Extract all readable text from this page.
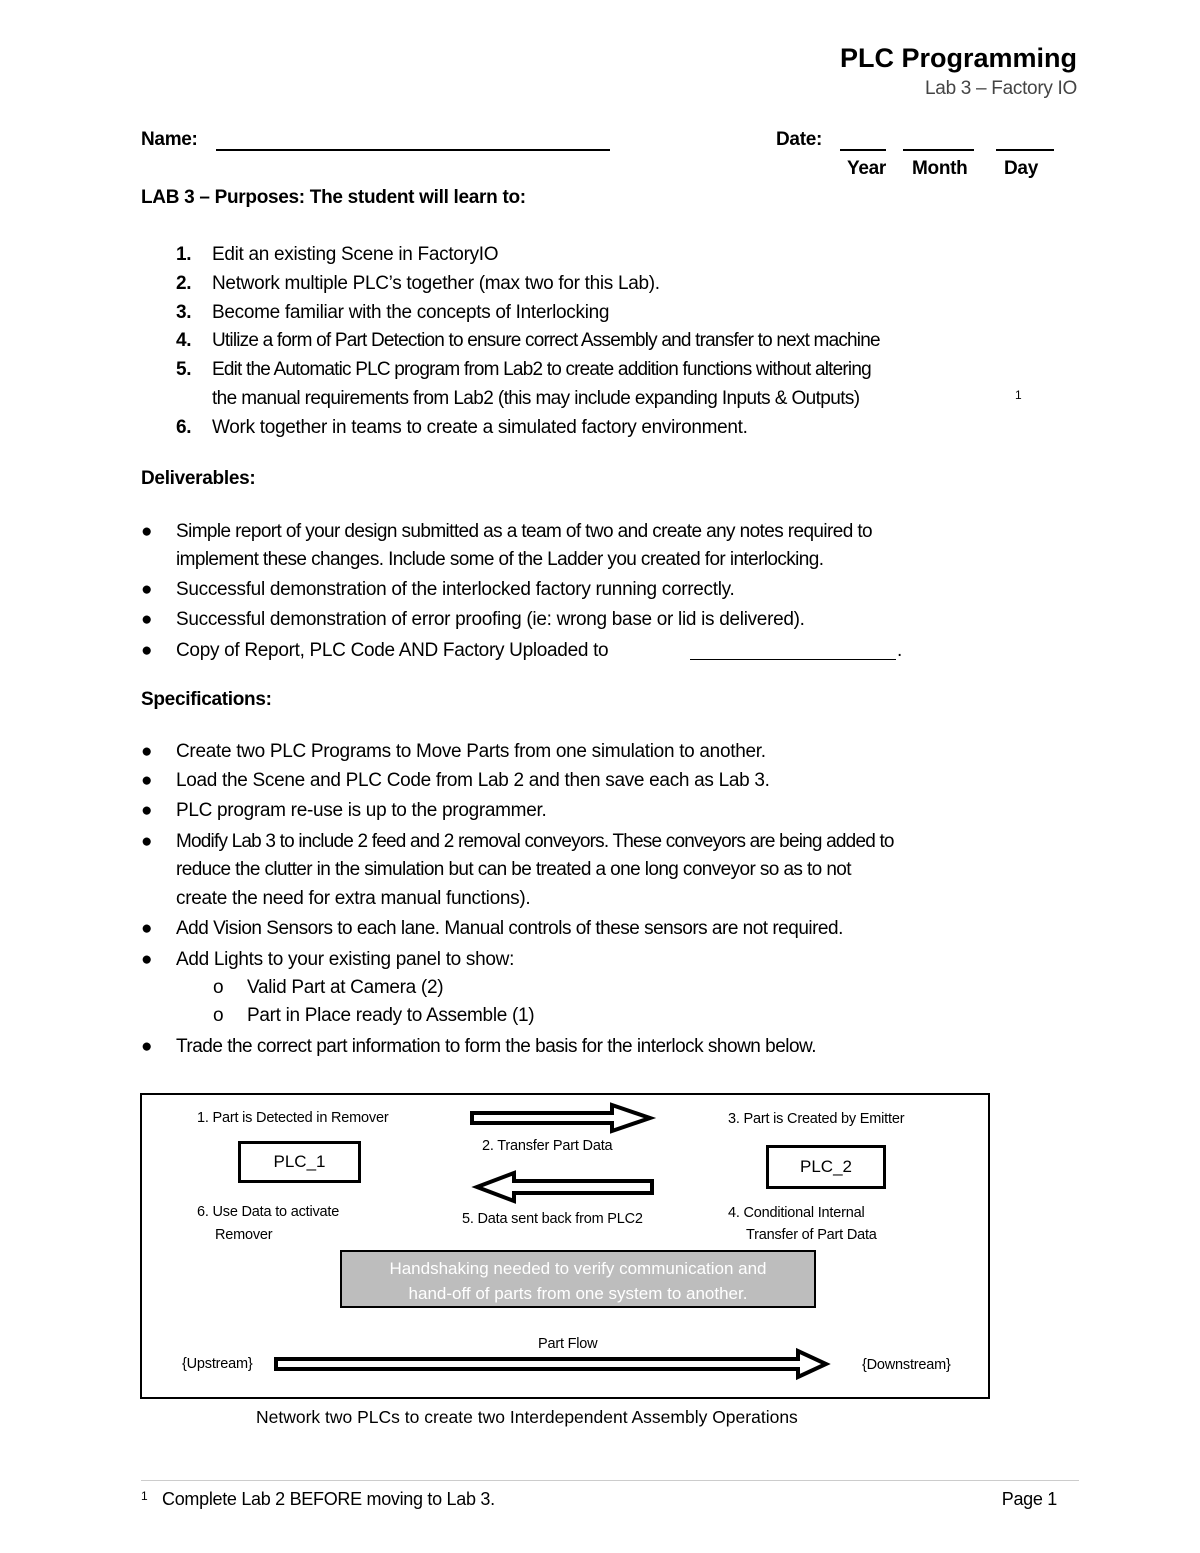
PLC Programming
Lab 3 – Factory IO
Name:	Date:
Year Month Day
LAB 3 – Purposes: The student will learn to:
1. Edit an existing Scene in FactoryIO
2. Network multiple PLC’s together (max two for this Lab).
3. Become familiar with the concepts of Interlocking
4. Utilize a form of Part Detection to ensure correct Assembly and transfer to next machine
5. Edit the Automatic PLC program from Lab2 to create addition functions without altering
the manual requirements from Lab2 (this may include expanding Inputs & Outputs)	1
6. Work together in teams to create a simulated factory environment.
Deliverables:
● Simple report of your design submitted as a team of two and create any notes required to
implement these changes. Include some of the Ladder you created for interlocking.
● Successful demonstration of the interlocked factory running correctly.
● Successful demonstration of error proofing (ie: wrong base or lid is delivered).
● Copy of Report, PLC Code AND Factory Uploaded to	.
Specifications:
● Create two PLC Programs to Move Parts from one simulation to another.
● Load the Scene and PLC Code from Lab 2 and then save each as Lab 3.
● PLC program re-use is up to the programmer.
● Modify Lab 3 to include 2 feed and 2 removal conveyors. These conveyors are being added to
reduce the clutter in the simulation but can be treated a one long conveyor so as to not
create the need for extra manual functions).
● Add Vision Sensors to each lane. Manual controls of these sensors are not required.
● Add Lights to your existing panel to show:
o Valid Part at Camera (2)
o Part in Place ready to Assemble (1)
● Trade the correct part information to form the basis for the interlock shown below.
1. Part is Detected in Remover
2. Transfer Part Data
3. Part is Created by Emitter
PLC_1	PLC_2
6. Use Data to activate
Remover
5. Data sent back from PLC2	4. Conditional Internal
Transfer of Part Data
Handshaking needed to verify communication and
hand-off of parts from one system to another.
Part Flow
{Upstream}	{Downstream}
Network two PLCs to create two Interdependent Assembly Operations
1 Complete Lab 2 BEFORE moving to Lab 3.	Page 1
